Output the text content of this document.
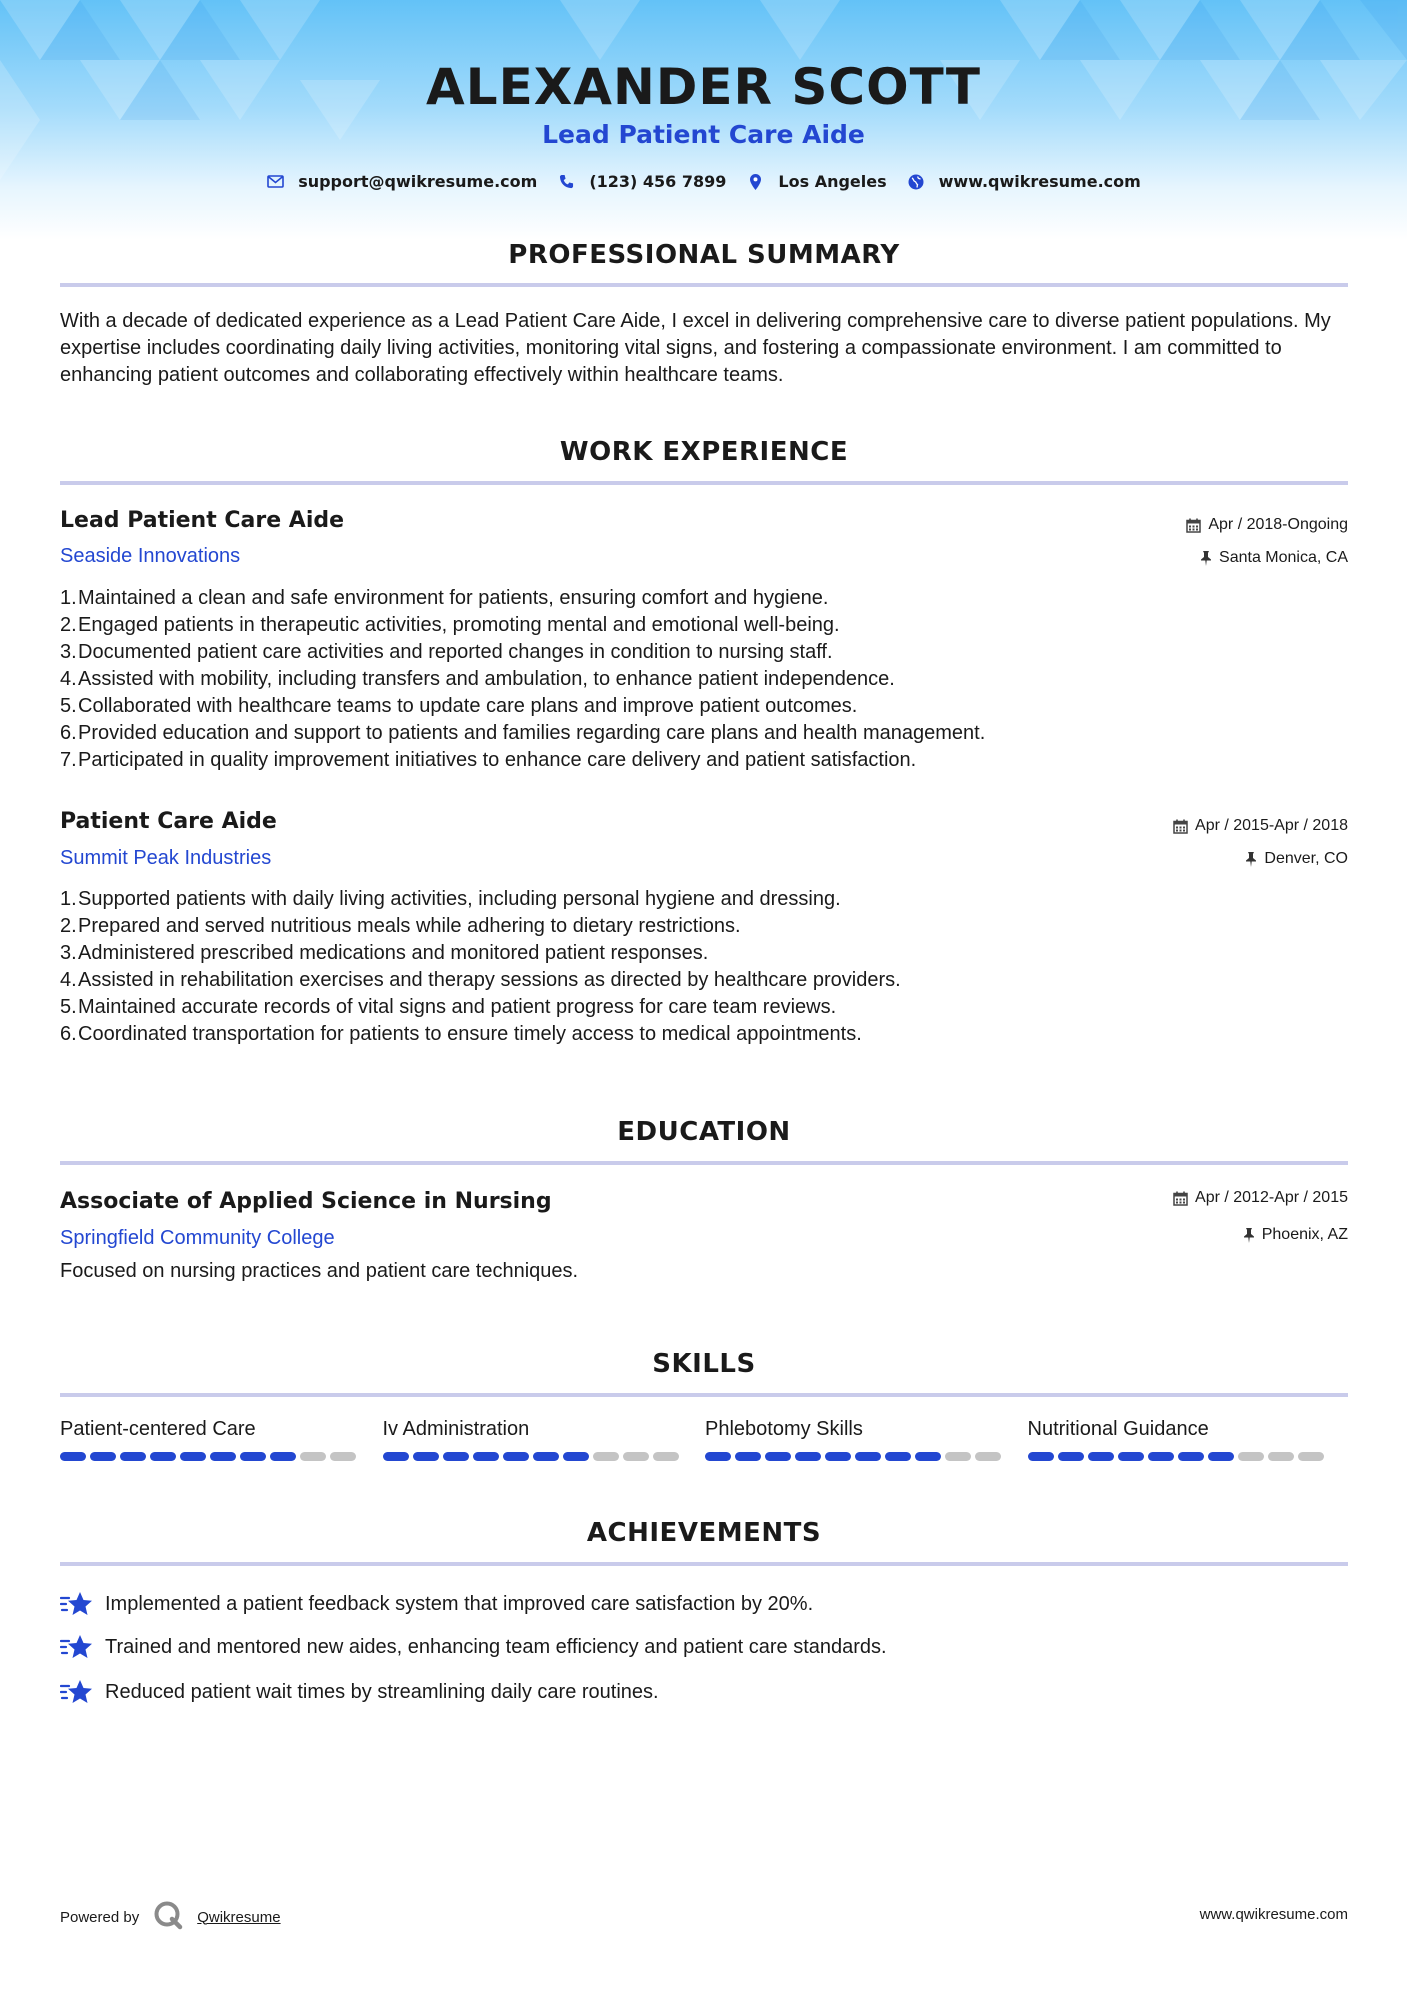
ALEXANDER SCOTT
Lead Patient Care Aide
support@qwikresume.com	(123) 456 7899	Los Angeles	www.qwikresume.com
PROFESSIONAL SUMMARY
With a decade of dedicated experience as a Lead Patient Care Aide, I excel in delivering comprehensive care to diverse patient populations. My expertise includes coordinating daily living activities, monitoring vital signs, and fostering a compassionate environment. I am committed to enhancing patient outcomes and collaborating effectively within healthcare teams.
WORK EXPERIENCE
Lead Patient Care Aide
Seaside Innovations
Apr / 2018-Ongoing
Santa Monica, CA
1. Maintained a clean and safe environment for patients, ensuring comfort and hygiene.
2. Engaged patients in therapeutic activities, promoting mental and emotional well-being.
3. Documented patient care activities and reported changes in condition to nursing staff.
4. Assisted with mobility, including transfers and ambulation, to enhance patient independence.
5. Collaborated with healthcare teams to update care plans and improve patient outcomes.
6. Provided education and support to patients and families regarding care plans and health management.
7. Participated in quality improvement initiatives to enhance care delivery and patient satisfaction.
Patient Care Aide
Summit Peak Industries
Apr / 2015-Apr / 2018
Denver, CO
1. Supported patients with daily living activities, including personal hygiene and dressing.
2. Prepared and served nutritious meals while adhering to dietary restrictions.
3. Administered prescribed medications and monitored patient responses.
4. Assisted in rehabilitation exercises and therapy sessions as directed by healthcare providers.
5. Maintained accurate records of vital signs and patient progress for care team reviews.
6. Coordinated transportation for patients to ensure timely access to medical appointments.
EDUCATION
Associate of Applied Science in Nursing
Springfield Community College
Apr / 2012-Apr / 2015
Phoenix, AZ
Focused on nursing practices and patient care techniques.
SKILLS
Patient-centered Care	Iv Administration	Phlebotomy Skills	Nutritional Guidance
ACHIEVEMENTS
Implemented a patient feedback system that improved care satisfaction by 20%.
Trained and mentored new aides, enhancing team efficiency and patient care standards.
Reduced patient wait times by streamlining daily care routines.
Powered by	Qwikresume	www.qwikresume.com
